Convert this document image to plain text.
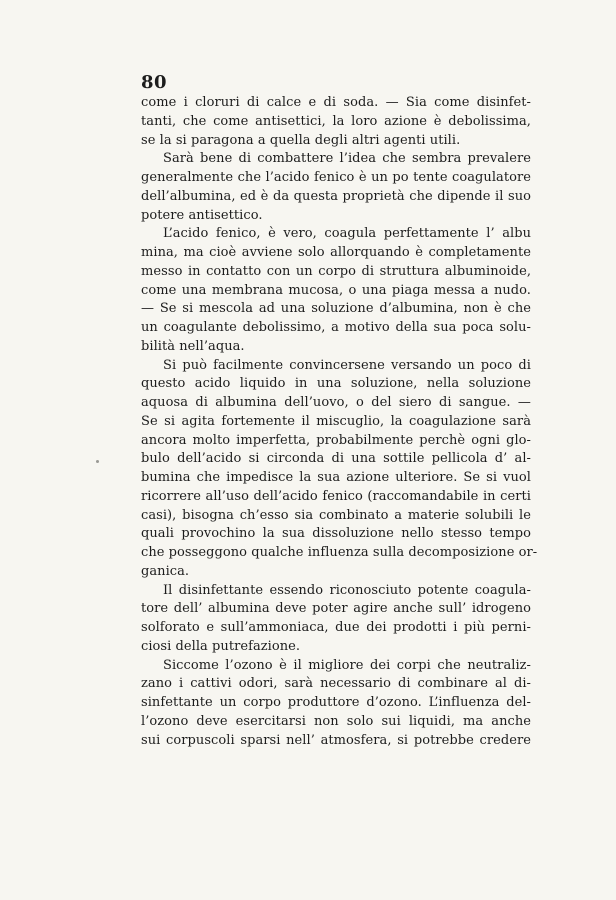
80
come i cloruri di calce e di soda. — Sia come disinfet-
tanti, che come antisettici, la loro azione è debolissima,
se la si paragona a quella degli altri agenti utili.
Sarà bene di combattere l’idea che sembra prevalere
generalmente che l’acido fenico è un po tente coagulatore
dell’albumina, ed è da questa proprietà che dipende il suo
potere antisettico.
L’acido fenico, è vero, coagula perfettamente l’ albu
mina, ma cioè avviene solo allorquando è completamente
messo in contatto con un corpo di struttura albuminoide,
come una membrana mucosa, o una piaga messa a nudo.
— Se si mescola ad una soluzione d’albumina, non è che
un coagulante debolissimo, a motivo della sua poca solu-
bilità nell’aqua.
Si può facilmente convincersene versando un poco di
questo acido liquido in una soluzione, nella soluzione
aquosa di albumina dell’uovo, o del siero di sangue. —
Se si agita fortemente il miscuglio, la coagulazione sarà
ancora molto imperfetta, probabilmente perchè ogni glo-
bulo dell’acido si circonda di una sottile pellicola d’ al-
bumina che impedisce la sua azione ulteriore. Se si vuol
ricorrere all’uso dell’acido fenico (raccomandabile in certi
casi), bisogna ch’esso sia combinato a materie solubili le
quali provochino la sua dissoluzione nello stesso tempo
che posseggono qualche influenza sulla decomposizione or-
ganica.
Il disinfettante essendo riconosciuto potente coagula-
tore dell’ albumina deve poter agire anche sull’ idrogeno
solforato e sull’ammoniaca, due dei prodotti i più perni-
ciosi della putrefazione.
Siccome l’ozono è il migliore dei corpi che neutraliz-
zano i cattivi odori, sarà necessario di combinare al di-
sinfettante un corpo produttore d’ozono. L’influenza del-
l’ozono deve esercitarsi non solo sui liquidi, ma anche
sui corpuscoli sparsi nell’ atmosfera, si potrebbe credere
